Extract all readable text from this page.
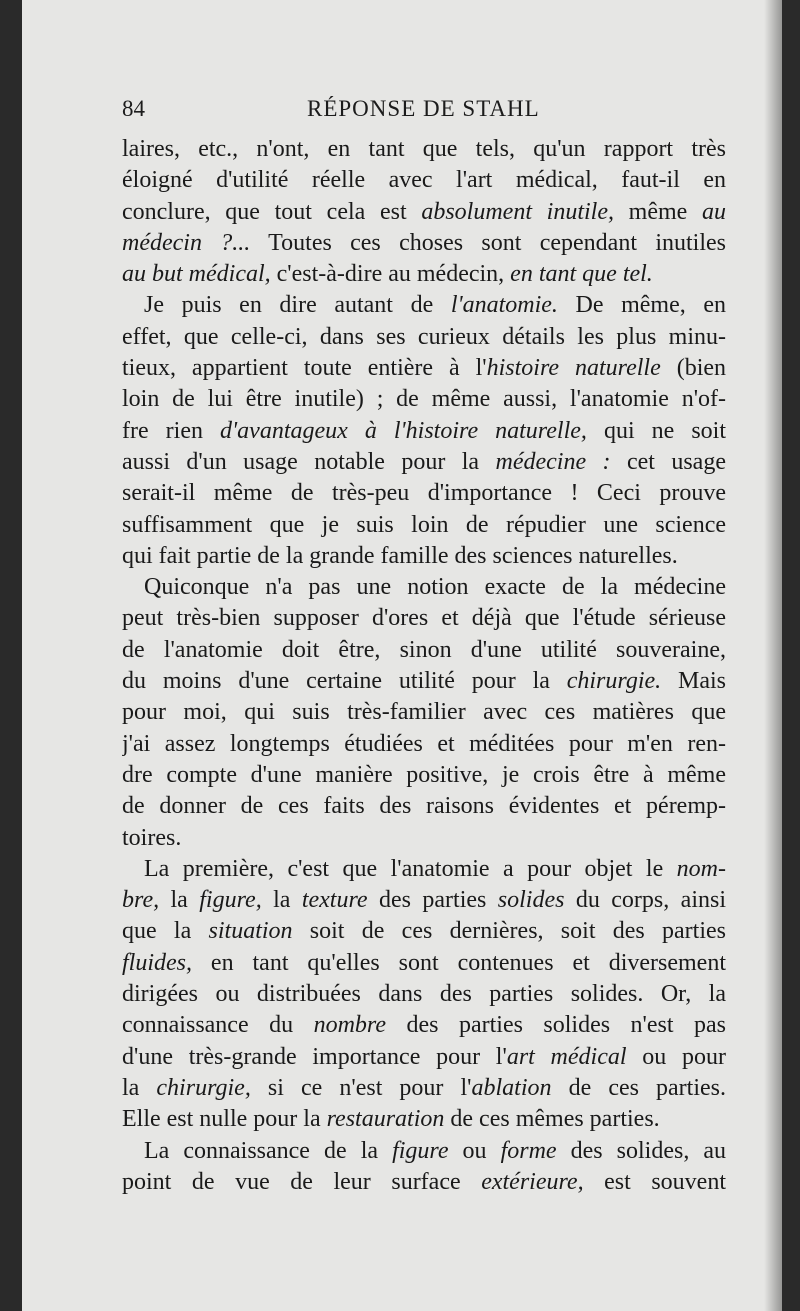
84	RÉPONSE DE STAHL
laires, etc., n'ont, en tant que tels, qu'un rapport très
éloigné d'utilité réelle avec l'art médical, faut-il en
conclure, que tout cela est absolument inutile, même au
médecin ?... Toutes ces choses sont cependant inutiles
au but médical, c'est-à-dire au médecin, en tant que tel.
Je puis en dire autant de l'anatomie. De même, en
effet, que celle-ci, dans ses curieux détails les plus minu-
tieux, appartient toute entière à l'histoire naturelle (bien
loin de lui être inutile) ; de même aussi, l'anatomie n'of-
fre rien d'avantageux à l'histoire naturelle, qui ne soit
aussi d'un usage notable pour la médecine : cet usage
serait-il même de très-peu d'importance ! Ceci prouve
suffisamment que je suis loin de répudier une science
qui fait partie de la grande famille des sciences naturelles.
Quiconque n'a pas une notion exacte de la médecine
peut très-bien supposer d'ores et déjà que l'étude sérieuse
de l'anatomie doit être, sinon d'une utilité souveraine,
du moins d'une certaine utilité pour la chirurgie. Mais
pour moi, qui suis très-familier avec ces matières que
j'ai assez longtemps étudiées et méditées pour m'en ren-
dre compte d'une manière positive, je crois être à même
de donner de ces faits des raisons évidentes et péremp-
toires.
La première, c'est que l'anatomie a pour objet le nom-
bre, la figure, la texture des parties solides du corps, ainsi
que la situation soit de ces dernières, soit des parties
fluides, en tant qu'elles sont contenues et diversement
dirigées ou distribuées dans des parties solides. Or, la
connaissance du nombre des parties solides n'est pas
d'une très-grande importance pour l'art médical ou pour
la chirurgie, si ce n'est pour l'ablation de ces parties.
Elle est nulle pour la restauration de ces mêmes parties.
La connaissance de la figure ou forme des solides, au
point de vue de leur surface extérieure, est souvent
